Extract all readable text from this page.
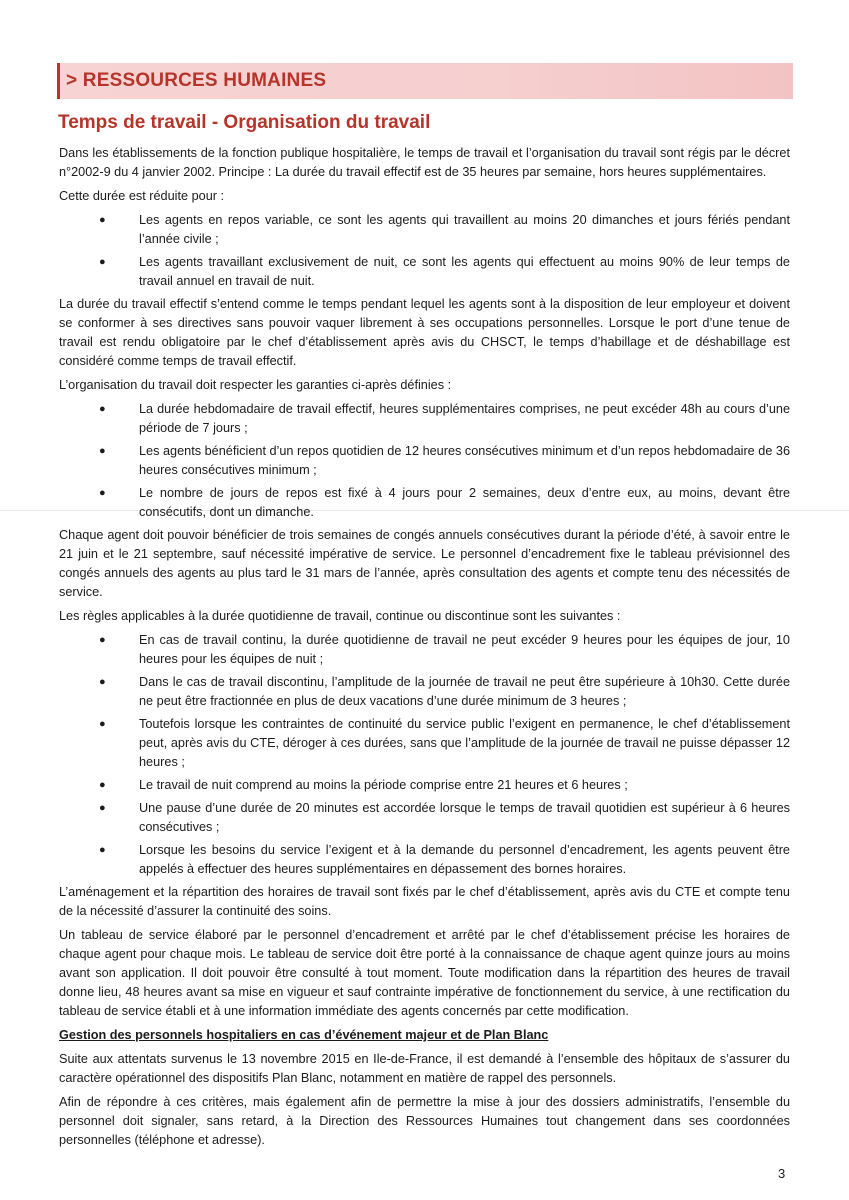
> RESSOURCES HUMAINES
Temps de travail - Organisation du travail

Dans les établissements de la fonction publique hospitalière, le temps de travail et l’organisation du travail sont régis par le décret n°2002-9 du 4 janvier 2002. Principe : La durée du travail effectif est de 35 heures par semaine, hors heures supplémentaires.

Cette durée est réduite pour :

●	Les agents en repos variable, ce sont les agents qui travaillent au moins 20 dimanches et jours fériés pendant l’année civile ;
●	Les agents travaillant exclusivement de nuit, ce sont les agents qui effectuent au moins 90% de leur temps de travail annuel en travail de nuit.

La durée du travail effectif s’entend comme le temps pendant lequel les agents sont à la disposition de leur employeur et doivent se conformer à ses directives sans pouvoir vaquer librement à ses occupations personnelles. Lorsque le port d’une tenue de travail est rendu obligatoire par le chef d’établissement après avis du CHSCT, le temps d’habillage et de déshabillage est considéré comme temps de travail effectif.

L’organisation du travail doit respecter les garanties ci-après définies :

●	La durée hebdomadaire de travail effectif, heures supplémentaires comprises, ne peut excéder 48h au cours d’une période de 7 jours ;
●	Les agents bénéficient d’un repos quotidien de 12 heures consécutives minimum et d’un repos hebdomadaire de 36 heures consécutives minimum ;
●	Le nombre de jours de repos est fixé à 4 jours pour 2 semaines, deux d’entre eux, au moins, devant être consécutifs, dont un dimanche.

Chaque agent doit pouvoir bénéficier de trois semaines de congés annuels consécutives durant la période d’été, à savoir entre le 21 juin et le 21 septembre, sauf nécessité impérative de service. Le personnel d’encadrement fixe le tableau prévisionnel des congés annuels des agents au plus tard le 31 mars de l’année, après consultation des agents et compte tenu des nécessités de service.

Les règles applicables à la durée quotidienne de travail, continue ou discontinue sont les suivantes :

●	En cas de travail continu, la durée quotidienne de travail ne peut excéder 9 heures pour les équipes de jour, 10 heures pour les équipes de nuit ;
●	Dans le cas de travail discontinu, l’amplitude de la journée de travail ne peut être supérieure à 10h30. Cette durée ne peut être fractionnée en plus de deux vacations d’une durée minimum de 3 heures ;
●	Toutefois lorsque les contraintes de continuité du service public l’exigent en permanence, le chef d’établissement peut, après avis du CTE, déroger à ces durées, sans que l’amplitude de la journée de travail ne puisse dépasser 12 heures ;
●	Le travail de nuit comprend au moins la période comprise entre 21 heures et 6 heures ;
●	Une pause d’une durée de 20 minutes est accordée lorsque le temps de travail quotidien est supérieur à 6 heures consécutives ;
●	Lorsque les besoins du service l’exigent et à la demande du personnel d’encadrement, les agents peuvent être appelés à effectuer des heures supplémentaires en dépassement des bornes horaires.

L’aménagement et la répartition des horaires de travail sont fixés par le chef d’établissement, après avis du CTE et compte tenu de la nécessité d’assurer la continuité des soins.

Un tableau de service élaboré par le personnel d’encadrement et arrêté par le chef d’établissement précise les horaires de chaque agent pour chaque mois. Le tableau de service doit être porté à la connaissance de chaque agent quinze jours au moins avant son application. Il doit pouvoir être consulté à tout moment. Toute modification dans la répartition des heures de travail donne lieu, 48 heures avant sa mise en vigueur et sauf contrainte impérative de fonctionnement du service, à une rectification du tableau de service établi et à une information immédiate des agents concernés par cette modification.

Gestion des personnels hospitaliers en cas d’événement majeur et de Plan Blanc

Suite aux attentats survenus le 13 novembre 2015 en Ile-de-France, il est demandé à l’ensemble des hôpitaux de s’assurer du caractère opérationnel des dispositifs Plan Blanc, notamment en matière de rappel des personnels.

Afin de répondre à ces critères, mais également afin de permettre la mise à jour des dossiers administratifs, l’ensemble du personnel doit signaler, sans retard, à la Direction des Ressources Humaines tout changement dans ses coordonnées personnelles (téléphone et adresse).

3
